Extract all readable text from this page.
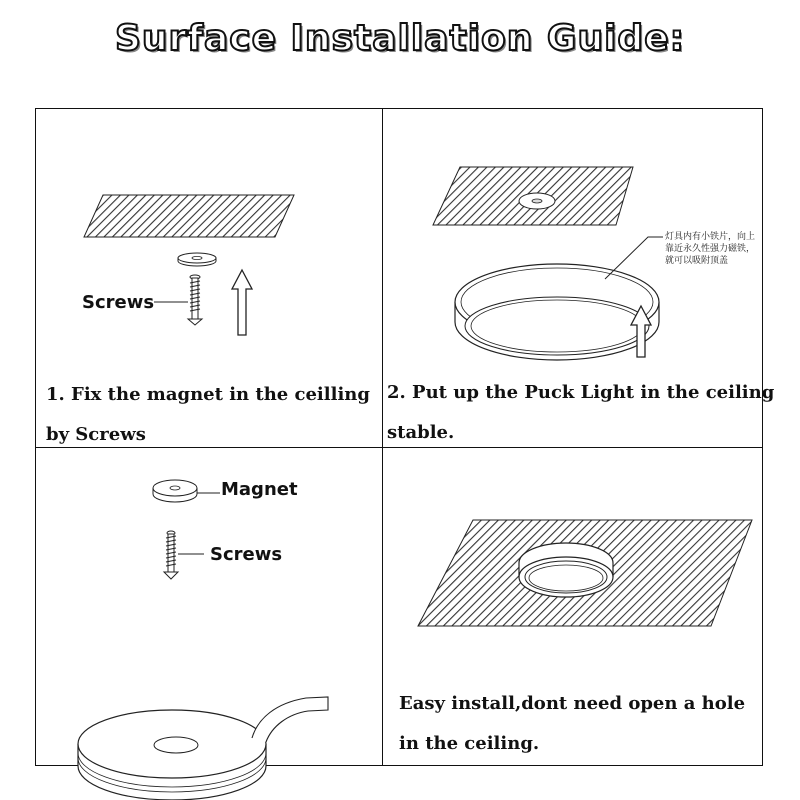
Surface Installation Guide:
Screws
1. Fix the magnet in the ceilling
by Screws
灯具内有小铁片，向上靠近永久性强力磁铁，就可以吸附顶盖
2. Put up the Puck Light in the ceiling
stable.
Magnet
Screws
Easy install,dont need open a hole
in the ceiling.
